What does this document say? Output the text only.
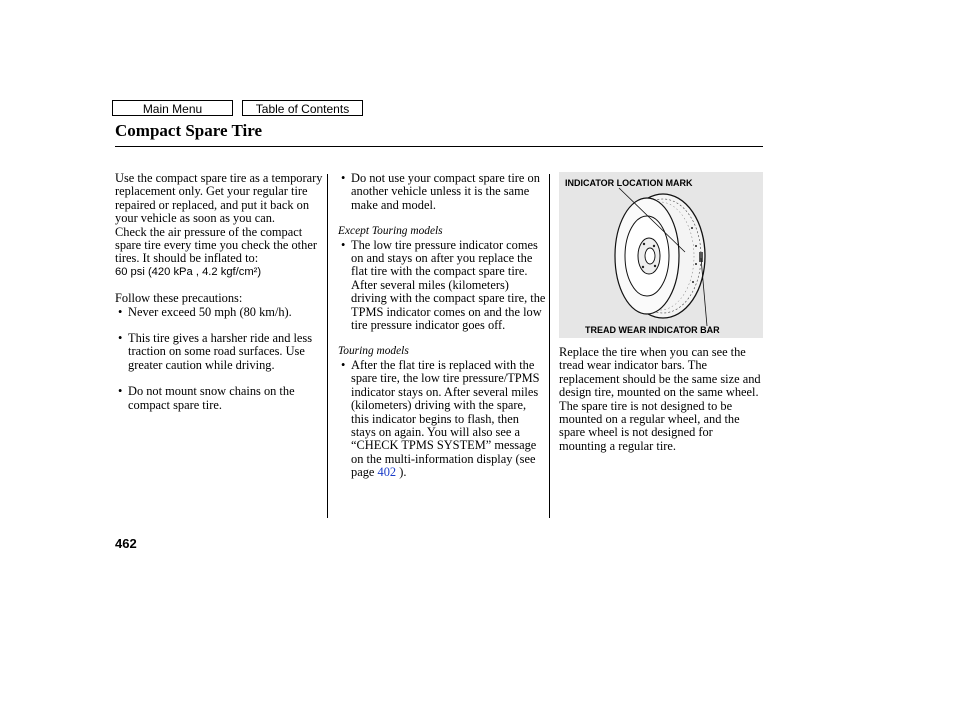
Main Menu	Table of Contents
Compact Spare Tire

Use the compact spare tire as a temporary replacement only. Get your regular tire repaired or replaced, and put it back on your vehicle as soon as you can.

Check the air pressure of the compact spare tire every time you check the other tires. It should be inflated to:

60 psi (420 kPa , 4.2 kgf/cm²)

Follow these precautions:

• Never exceed 50 mph (80 km/h).
• This tire gives a harsher ride and less traction on some road surfaces. Use greater caution while driving.
• Do not mount snow chains on the compact spare tire.
• Do not use your compact spare tire on another vehicle unless it is the same make and model.

Except Touring models

• The low tire pressure indicator comes on and stays on after you replace the flat tire with the compact spare tire. After several miles (kilometers) driving with the compact spare tire, the TPMS indicator comes on and the low tire pressure indicator goes off.

Touring models

• After the flat tire is replaced with the spare tire, the low tire pressure/TPMS indicator stays on. After several miles (kilometers) driving with the spare, this indicator begins to flash, then stays on again. You will also see a “CHECK TPMS SYSTEM” message on the multi-information display (see page 402 ).
INDICATOR LOCATION MARK
TREAD WEAR INDICATOR BAR

Replace the tire when you can see the tread wear indicator bars. The replacement should be the same size and design tire, mounted on the same wheel. The spare tire is not designed to be mounted on a regular wheel, and the spare wheel is not designed for mounting a regular tire.

462
